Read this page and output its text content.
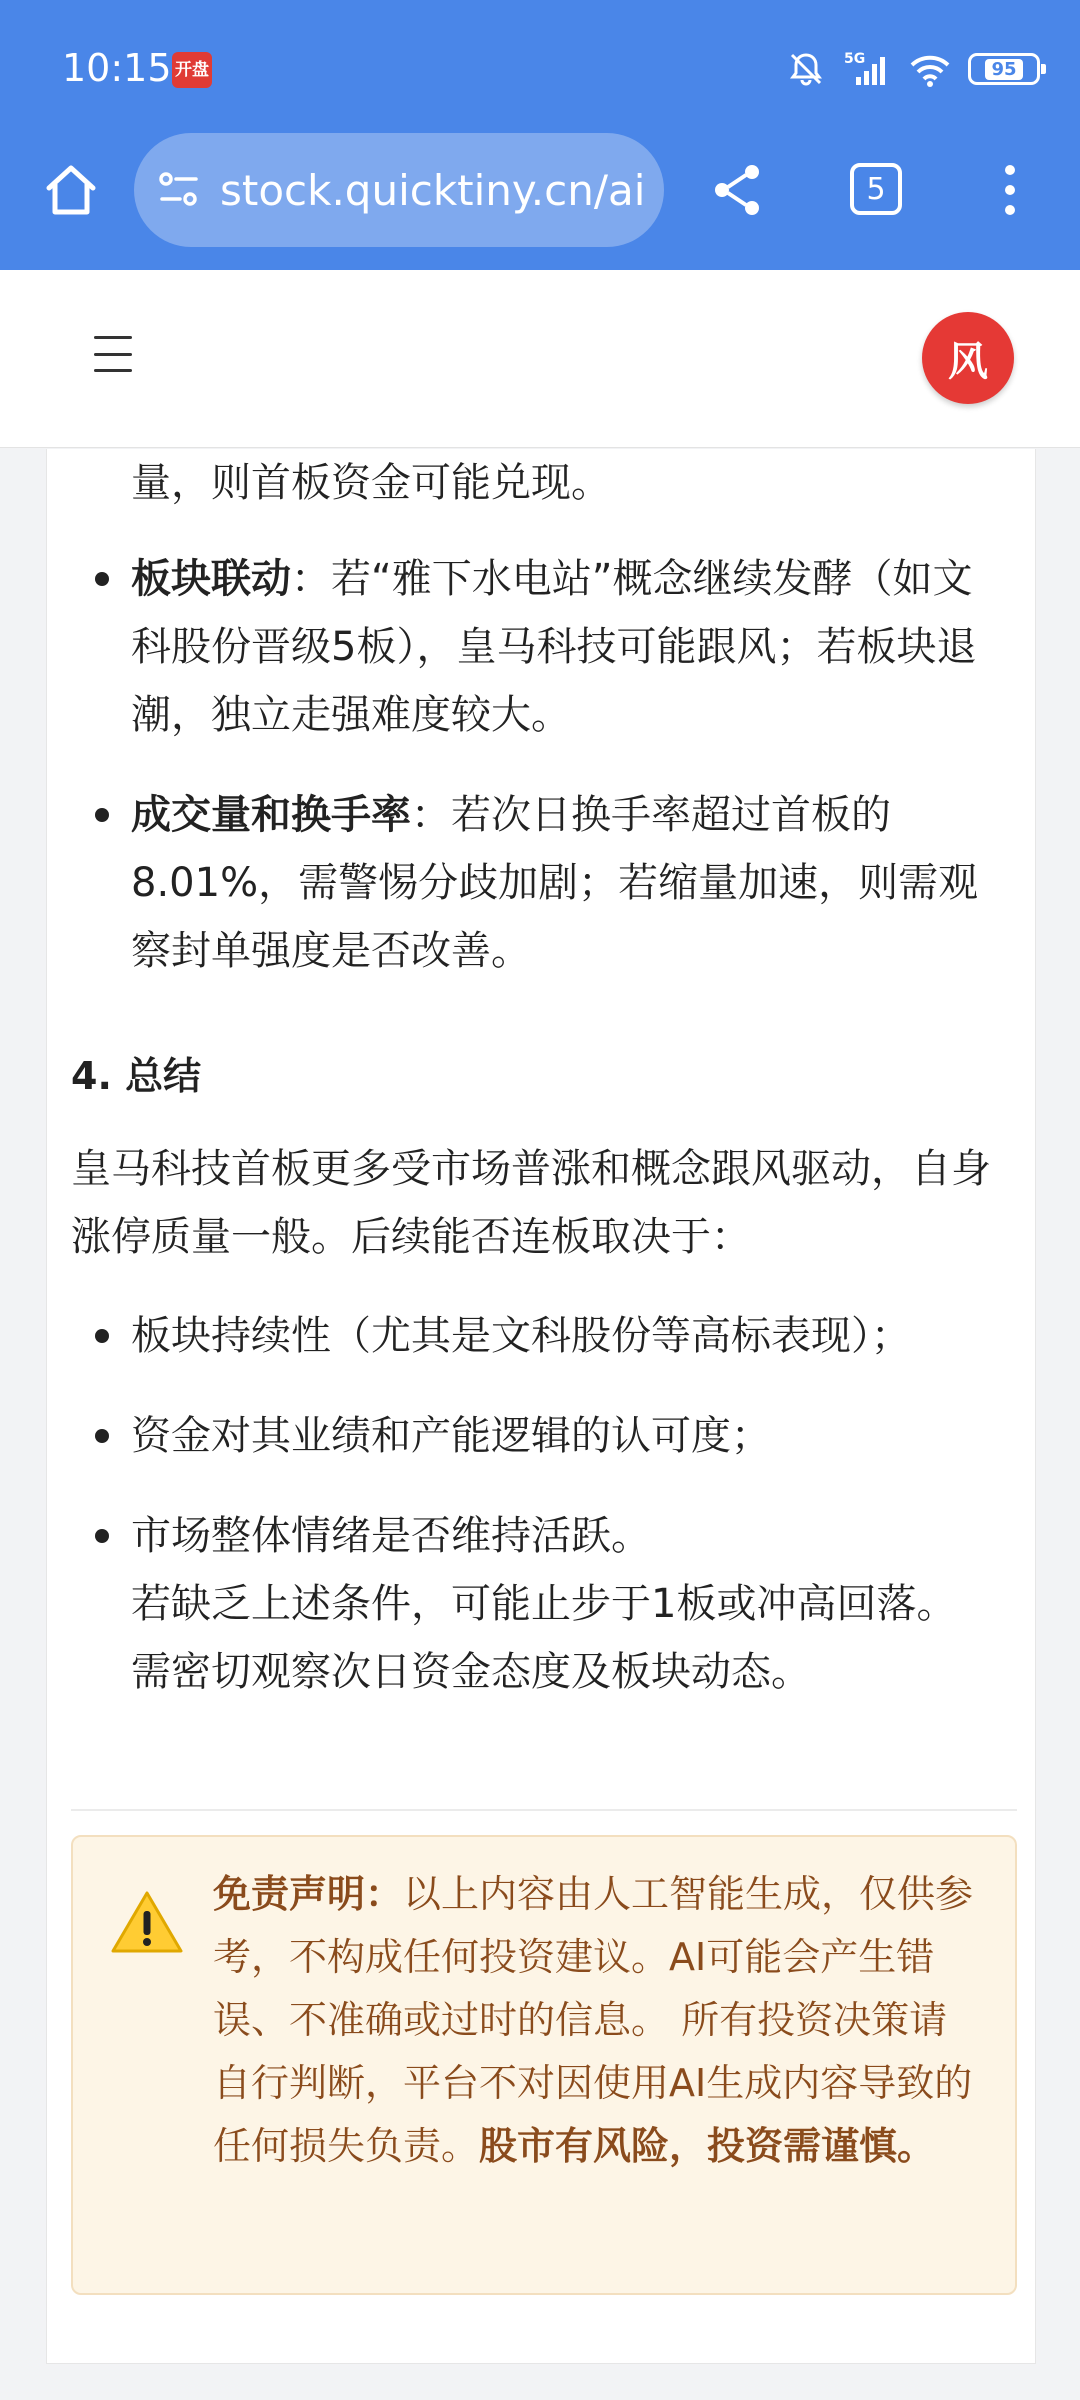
10:15 开盘
5G	95
stock.quicktiny.cn/ai	5
风
量，则首板资金可能兑现。
板块联动：若“雅下水电站”概念继续发酵（如文科股份晋级5板），皇马科技可能跟风；若板块退潮，独立走强难度较大。
成交量和换手率：若次日换手率超过首板的8.01%，需警惕分歧加剧；若缩量加速，则需观察封单强度是否改善。
4. 总结
皇马科技首板更多受市场普涨和概念跟风驱动，自身涨停质量一般。后续能否连板取决于：
板块持续性（尤其是文科股份等高标表现）；
资金对其业绩和产能逻辑的认可度；
市场整体情绪是否维持活跃。
若缺乏上述条件，可能止步于1板或冲高回落。
需密切观察次日资金态度及板块动态。
免责声明：以上内容由人工智能生成，仅供参考，不构成任何投资建议。AI可能会产生错误、不准确或过时的信息。 所有投资决策请自行判断，平台不对因使用AI生成内容导致的任何损失负责。股市有风险，投资需谨慎。
